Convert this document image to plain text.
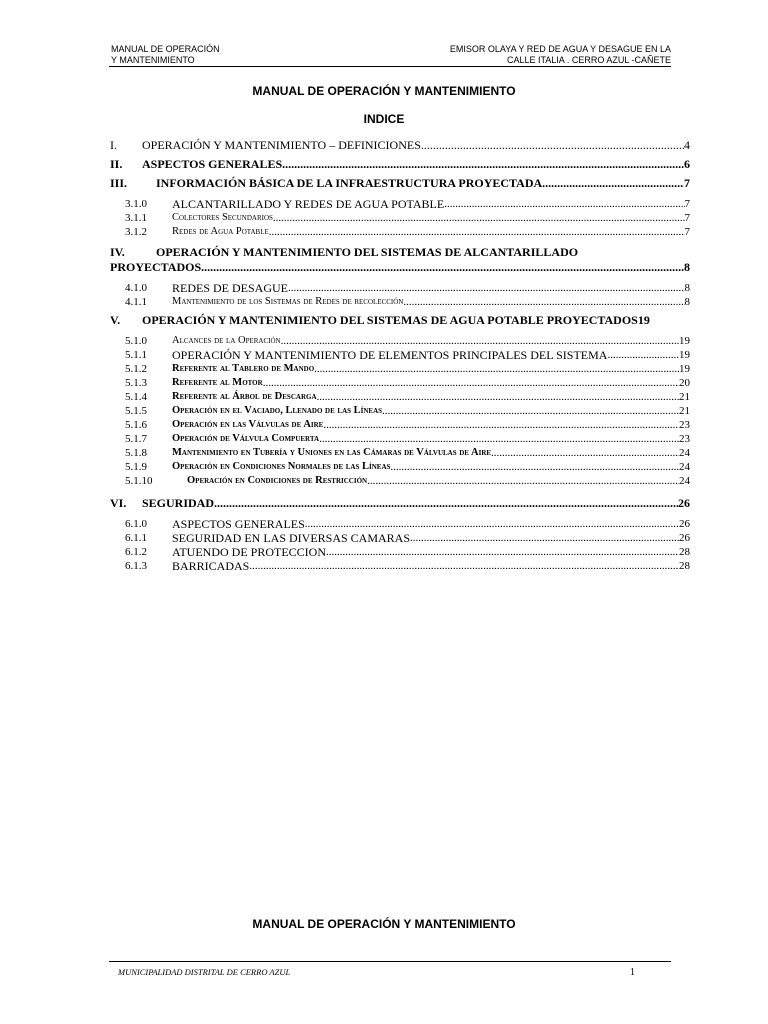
MANUAL DE OPERACIÓN
Y MANTENIMIENTO
EMISOR OLAYA Y RED DE AGUA Y DESAGUE EN LA
CALLE ITALIA . CERRO AZUL -CAÑETE
MANUAL DE OPERACIÓN Y MANTENIMIENTO
INDICE
I.	OPERACIÓN Y MANTENIMIENTO – DEFINICIONES .....	4
II.	ASPECTOS GENERALES .....	6
III.	INFORMACIÓN BÁSICA DE LA INFRAESTRUCTURA PROYECTADA .....	7
3.1.0	ALCANTARILLADO Y REDES DE AGUA POTABLE .....	7
3.1.1	Colectores Secundarios .....	7
3.1.2	Redes de Agua Potable .....	7
IV.	OPERACIÓN Y MANTENIMIENTO DEL SISTEMAS DE ALCANTARILLADO
PROYECTADOS .....	8
4.1.0	REDES DE DESAGUE .....	8
4.1.1	Mantenimiento de los Sistemas de Redes de recolección .....	8
V.	OPERACIÓN Y MANTENIMIENTO DEL SISTEMAS DE AGUA POTABLE PROYECTADOS 19
5.1.0	Alcances de la Operación .....	19
5.1.1	OPERACIÓN Y MANTENIMIENTO DE ELEMENTOS PRINCIPALES DEL SISTEMA .....	19
5.1.2	Referente al Tablero de Mando .....	19
5.1.3	Referente al Motor .....	20
5.1.4	Referente al Árbol de Descarga .....	21
5.1.5	Operación en el Vaciado, Llenado de las Líneas .....	21
5.1.6	Operación en las Válvulas de Aire .....	23
5.1.7	Operación de Válvula Compuerta .....	23
5.1.8	Mantenimiento en Tubería y Uniones en las Cámaras de Válvulas de Aire .....	24
5.1.9	Operación en Condiciones Normales de las Líneas .....	24
5.1.10	Operación en Condiciones de Restricción .....	24
VI.	SEGURIDAD .....	26
6.1.0	ASPECTOS GENERALES .....	26
6.1.1	SEGURIDAD EN LAS DIVERSAS CAMARAS .....	26
6.1.2	ATUENDO DE PROTECCION .....	28
6.1.3	BARRICADAS .....	28
MANUAL DE OPERACIÓN Y MANTENIMIENTO
MUNICIPALIDAD DISTRITAL DE CERRO AZUL	1
